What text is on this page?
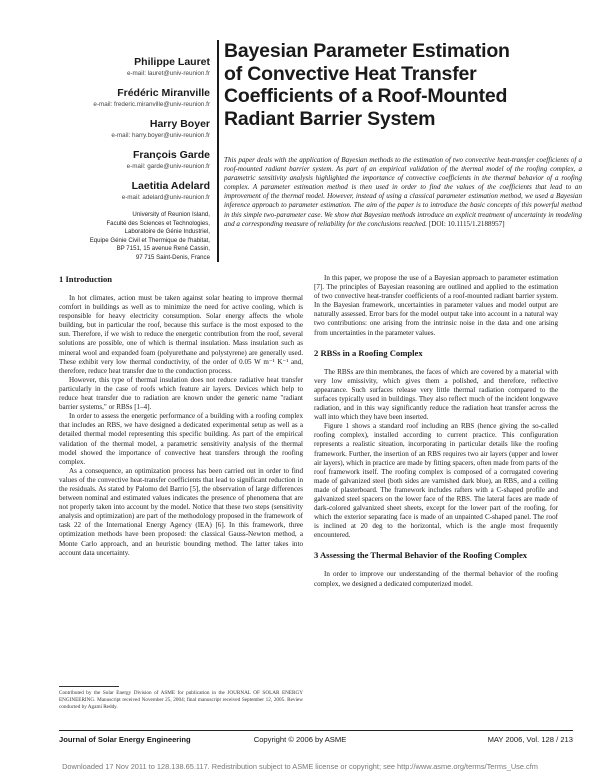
Philippe Lauret

e-mail: lauret@univ-reunion.fr

Frédéric Miranville

e-mail: frederic.miranville@univ-reunion.fr

Harry Boyer

e-mail: harry.boyer@univ-reunion.fr

François Garde

e-mail: garde@univ-reunion.fr

Laetitia Adelard

e-mail: adelard@univ-reunion.fr

University of Reunion Island,
Faculté des Sciences et Technologies,
Laboratoire de Génie Industriel,
Equipe Génie Civil et Thermique de l'habitat,
BP 7151, 15 avenue René Cassin,
97 715 Saint-Denis, France
Bayesian Parameter Estimation
of Convective Heat Transfer
Coefficients of a Roof-Mounted
Radiant Barrier System

This paper deals with the application of Bayesian methods to the estimation of two convective heat-transfer coefficients of a roof-mounted radiant barrier system. As part of an empirical validation of the thermal model of the roofing complex, a parametric sensitivity analysis highlighted the importance of convective coefficients in the thermal behavior of a roofing complex. A parameter estimation method is then used in order to find the values of the coefficients that lead to an improvement of the thermal model. However, instead of using a classical parameter estimation method, we used a Bayesian inference approach to parameter estimation. The aim of the paper is to introduce the basic concepts of this powerful method in this simple two-parameter case. We show that Bayesian methods introduce an explicit treatment of uncertainty in modeling and a corresponding measure of reliability for the conclusions reached. [DOI: 10.1115/1.2188957]

1 Introduction

In hot climates, action must be taken against solar heating to improve thermal comfort in buildings as well as to minimize the need for active cooling, which is responsible for heavy electricity consumption. Solar energy affects the whole building, but in particular the roof, because this surface is the most exposed to the sun. Therefore, if we wish to reduce the energetic contribution from the roof, several solutions are possible, one of which is thermal insulation. Mass insulation such as mineral wool and expanded foam (polyurethane and polystyrene) are generally used. These exhibit very low thermal conductivity, of the order of 0.05 W m⁻¹ K⁻¹ and, therefore, reduce heat transfer due to the conduction process.

However, this type of thermal insulation does not reduce radiative heat transfer particularly in the case of roofs which feature air layers. Devices which help to reduce heat transfer due to radiation are known under the generic name "radiant barrier systems," or RBSs [1–4].

In order to assess the energetic performance of a building with a roofing complex that includes an RBS, we have designed a dedicated experimental setup as well as a detailed thermal model representing this specific building. As part of the empirical validation of the thermal model, a parametric sensitivity analysis of the thermal model showed the importance of convective heat transfers through the roofing complex.

As a consequence, an optimization process has been carried out in order to find values of the convective heat-transfer coefficients that lead to significant reduction in the residuals. As stated by Palomo del Barrio [5], the observation of large differences between nominal and estimated values indicates the presence of phenomena that are not properly taken into account by the model. Notice that these two steps (sensitivity analysis and optimization) are part of the methodology proposed in the framework of task 22 of the International Energy Agency (IEA) [6]. In this framework, three optimization methods have been proposed: the classical Gauss-Newton method, a Monte Carlo approach, and an heuristic bounding method. The latter takes into account data uncertainty.

Contributed by the Solar Energy Division of ASME for publication in the JOURNAL OF SOLAR ENERGY ENGINEERING. Manuscript received November 25, 2004; final manuscript received September 12, 2005. Review conducted by Agami Reddy.

In this paper, we propose the use of a Bayesian approach to parameter estimation [7]. The principles of Bayesian reasoning are outlined and applied to the estimation of two convective heat-transfer coefficients of a roof-mounted radiant barrier system. In the Bayesian framework, uncertainties in parameter values and model output are naturally assessed. Error bars for the model output take into account in a natural way two contributions: one arising from the intrinsic noise in the data and one arising from uncertainties in the parameter values.

2 RBSs in a Roofing Complex

The RBSs are thin membranes, the faces of which are covered by a material with very low emissivity, which gives them a polished, and therefore, reflective appearance. Such surfaces release very little thermal radiation compared to the surfaces typically used in buildings. They also reflect much of the incident longwave radiation, and in this way significantly reduce the radiation heat transfer across the wall into which they have been inserted.

Figure 1 shows a standard roof including an RBS (hence giving the so-called roofing complex), installed according to current practice. This configuration represents a realistic situation, incorporating in particular details like the roofing framework. Further, the insertion of an RBS requires two air layers (upper and lower air layers), which in practice are made by fitting spacers, often made from parts of the roof framework itself. The roofing complex is composed of a corrugated covering made of galvanized steel (both sides are varnished dark blue), an RBS, and a ceiling made of plasterboard. The framework includes rafters with a C-shaped profile and galvanized steel spacers on the lower face of the RBS. The lateral faces are made of dark-colored galvanized sheet sheets, except for the lower part of the roofing, for which the exterior separating face is made of an unpainted C-shaped panel. The roof is inclined at 20 deg to the horizontal, which is the angle most frequently encountered.

3 Assessing the Thermal Behavior of the Roofing Complex

In order to improve our understanding of the thermal behavior of the roofing complex, we designed a dedicated computerized model.

Journal of Solar Energy Engineering	Copyright © 2006 by ASME	MAY 2006, Vol. 128 / 213
Downloaded 17 Nov 2011 to 128.138.65.117. Redistribution subject to ASME license or copyright; see http://www.asme.org/terms/Terms_Use.cfm
